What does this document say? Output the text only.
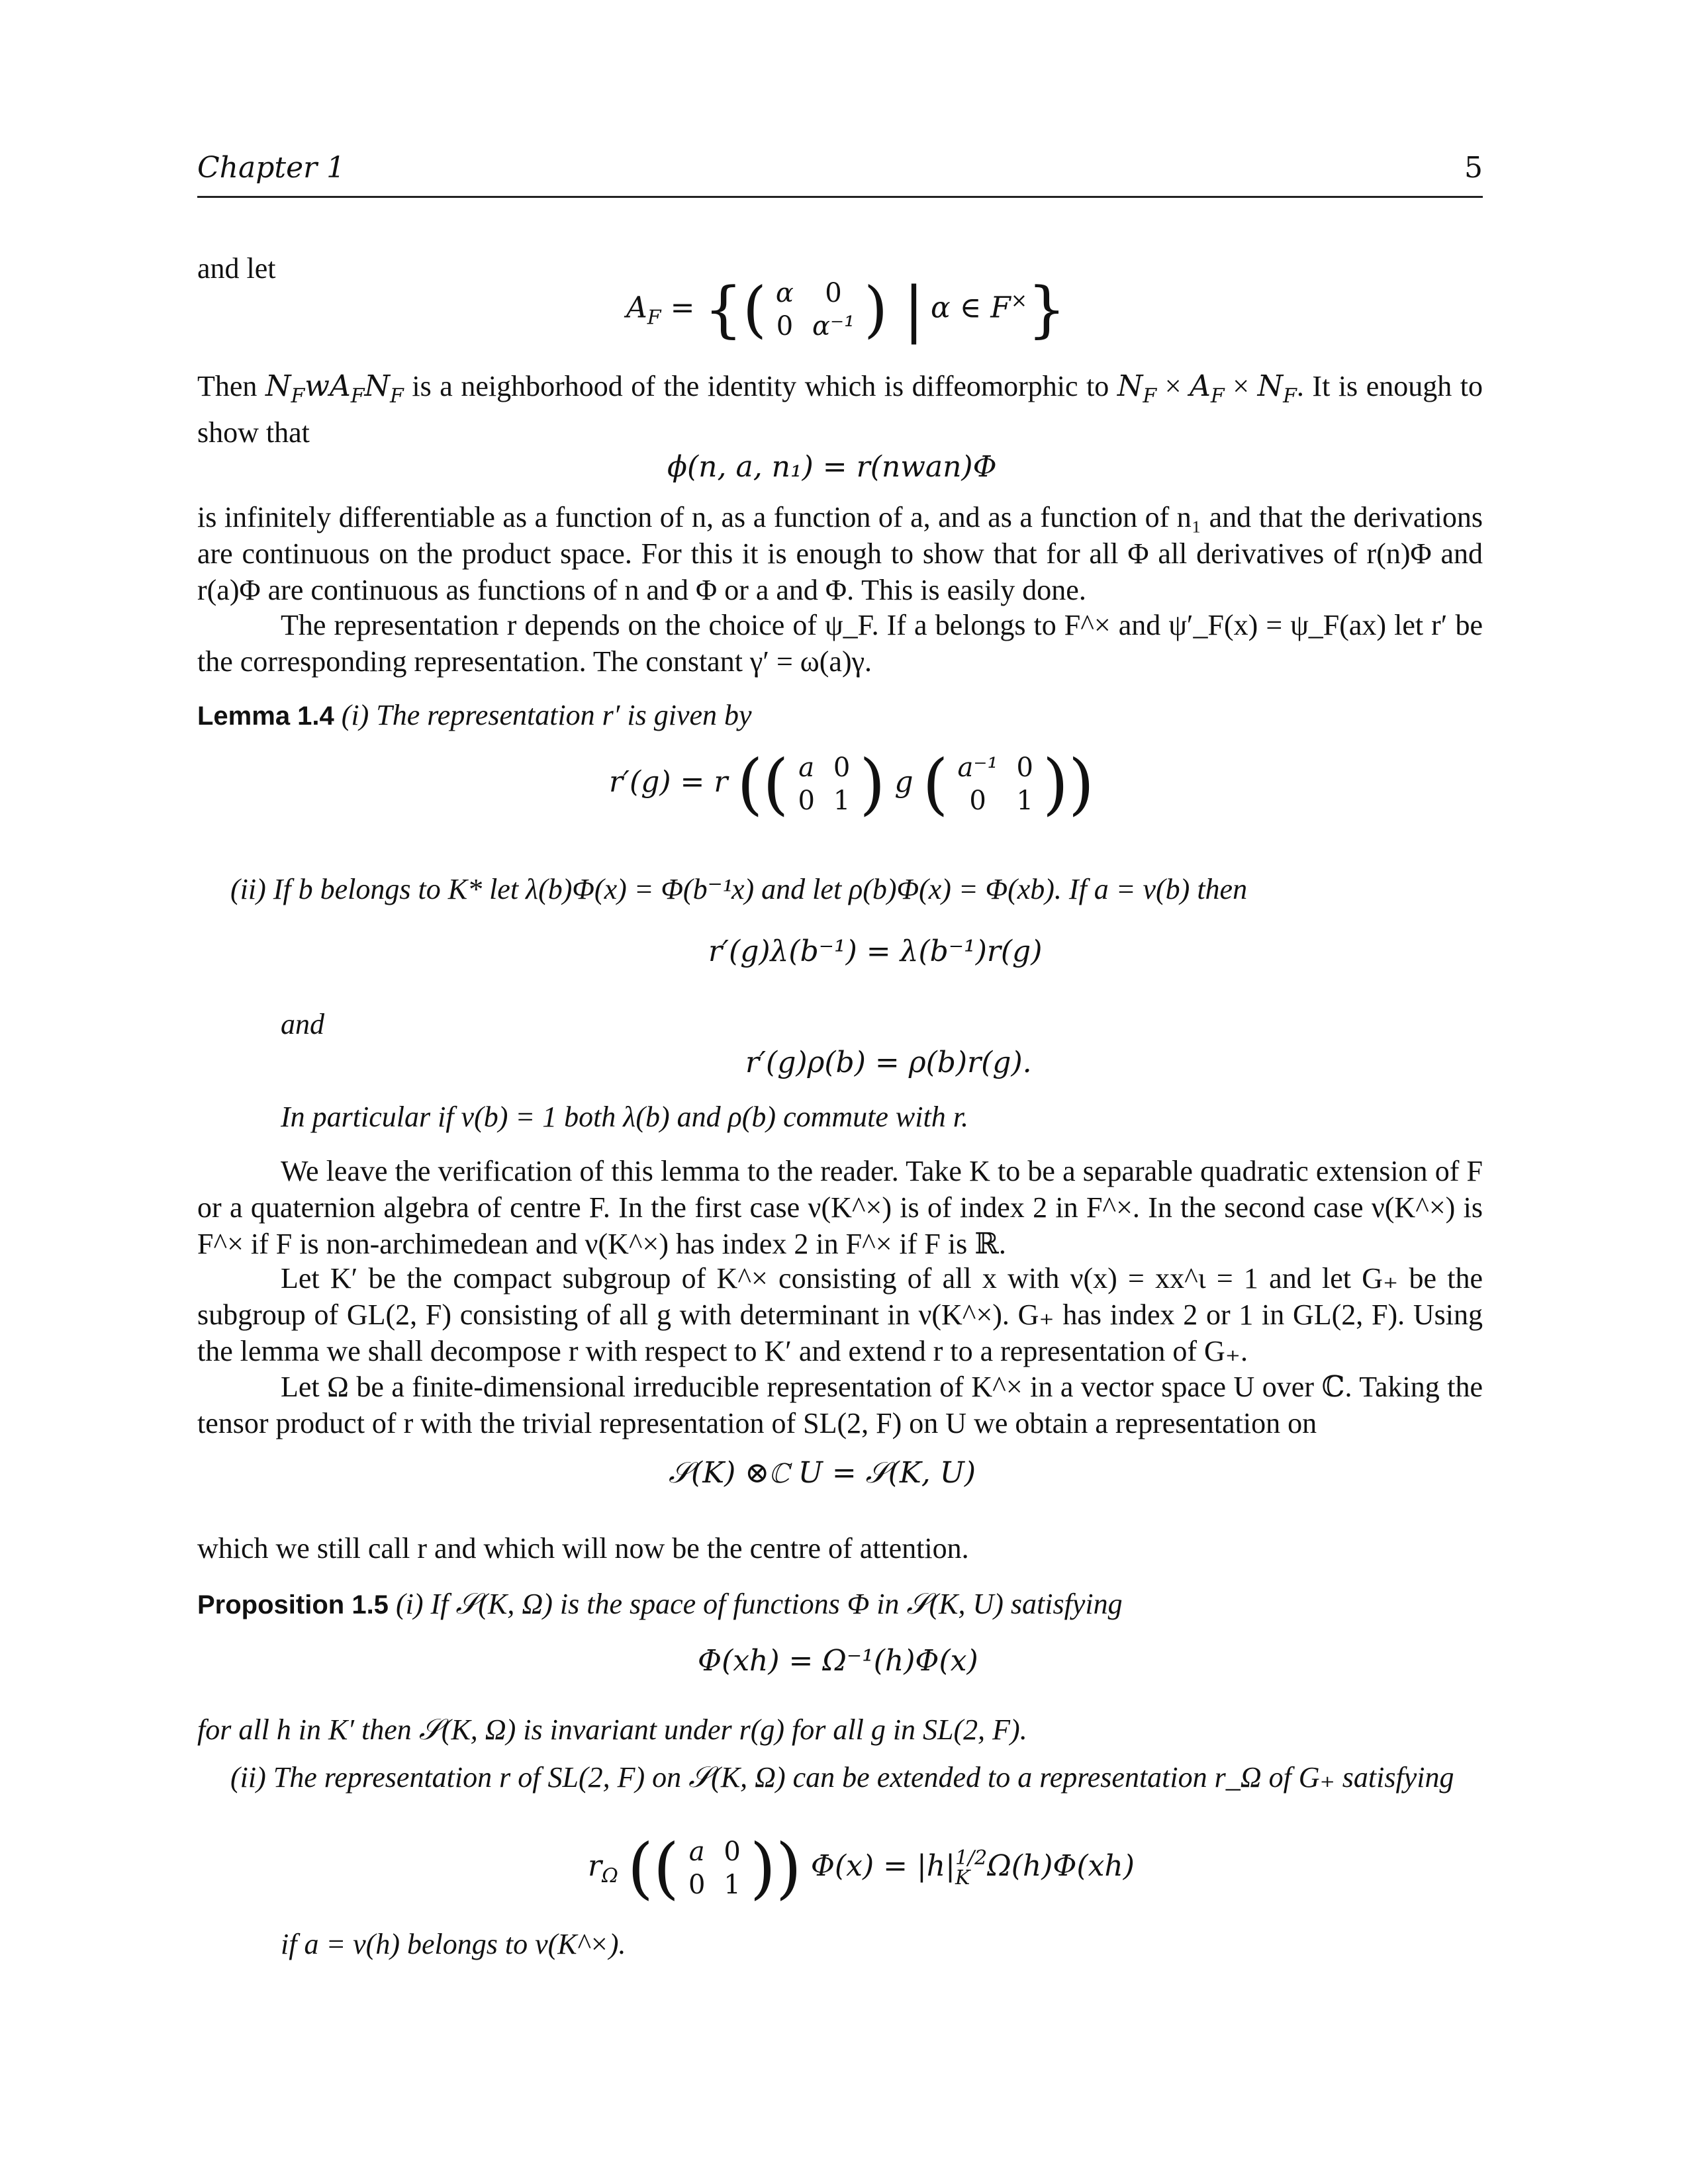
Chapter 1	5
and let
$A_F$ = {( α	0
0	α⁻¹ ) | α ∈ F×}
Then $N_FwA_FN_F$ is a neighborhood of the identity which is diffeomorphic to $N_F \times A_F \times N_F$. It is enough to show that
ϕ(n, a, n₁) = r(nwan)Φ
is infinitely differentiable as a function of n, as a function of a, and as a function of n₁ and that the derivations are continuous on the product space. For this it is enough to show that for all Φ all derivatives of r(n)Φ and r(a)Φ are continuous as functions of n and Φ or a and Φ. This is easily done.
The representation r depends on the choice of ψ_F. If a belongs to F^× and ψ′_F(x) = ψ_F(ax) let r′ be the corresponding representation. The constant γ′ = ω(a)γ.
Lemma 1.4 (i) The representation r′ is given by
r′(g) = r (( a	0
0	1 ) g ( a⁻¹	0
0	1 ))
(ii) If b belongs to K* let λ(b)Φ(x) = Φ(b⁻¹x) and let ρ(b)Φ(x) = Φ(xb). If a = ν(b) then
r′(g)λ(b⁻¹) = λ(b⁻¹)r(g)
and
r′(g)ρ(b) = ρ(b)r(g).
In particular if ν(b) = 1 both λ(b) and ρ(b) commute with r.
We leave the verification of this lemma to the reader. Take K to be a separable quadratic extension of F or a quaternion algebra of centre F. In the first case ν(K^×) is of index 2 in F^×. In the second case ν(K^×) is F^× if F is non-archimedean and ν(K^×) has index 2 in F^× if F is ℝ.
Let K′ be the compact subgroup of K^× consisting of all x with ν(x) = xx^ι = 1 and let G₊ be the subgroup of GL(2, F) consisting of all g with determinant in ν(K^×). G₊ has index 2 or 1 in GL(2, F). Using the lemma we shall decompose r with respect to K′ and extend r to a representation of G₊.
Let Ω be a finite-dimensional irreducible representation of K^× in a vector space U over ℂ. Taking the tensor product of r with the trivial representation of SL(2, F) on U we obtain a representation on
𝒮(K) ⊗ℂ U = 𝒮(K, U)
which we still call r and which will now be the centre of attention.
Proposition 1.5 (i) If 𝒮(K, Ω) is the space of functions Φ in 𝒮(K, U) satisfying
Φ(xh) = Ω⁻¹(h)Φ(x)
for all h in K′ then 𝒮(K, Ω) is invariant under r(g) for all g in SL(2, F).
(ii) The representation r of SL(2, F) on 𝒮(K, Ω) can be extended to a representation r_Ω of G₊ satisfying
$r_\Omega$ (( a	0
0	1 )) Φ(x) = |h| 1/2
K Ω(h)Φ(xh)
if a = ν(h) belongs to ν(K^×).
